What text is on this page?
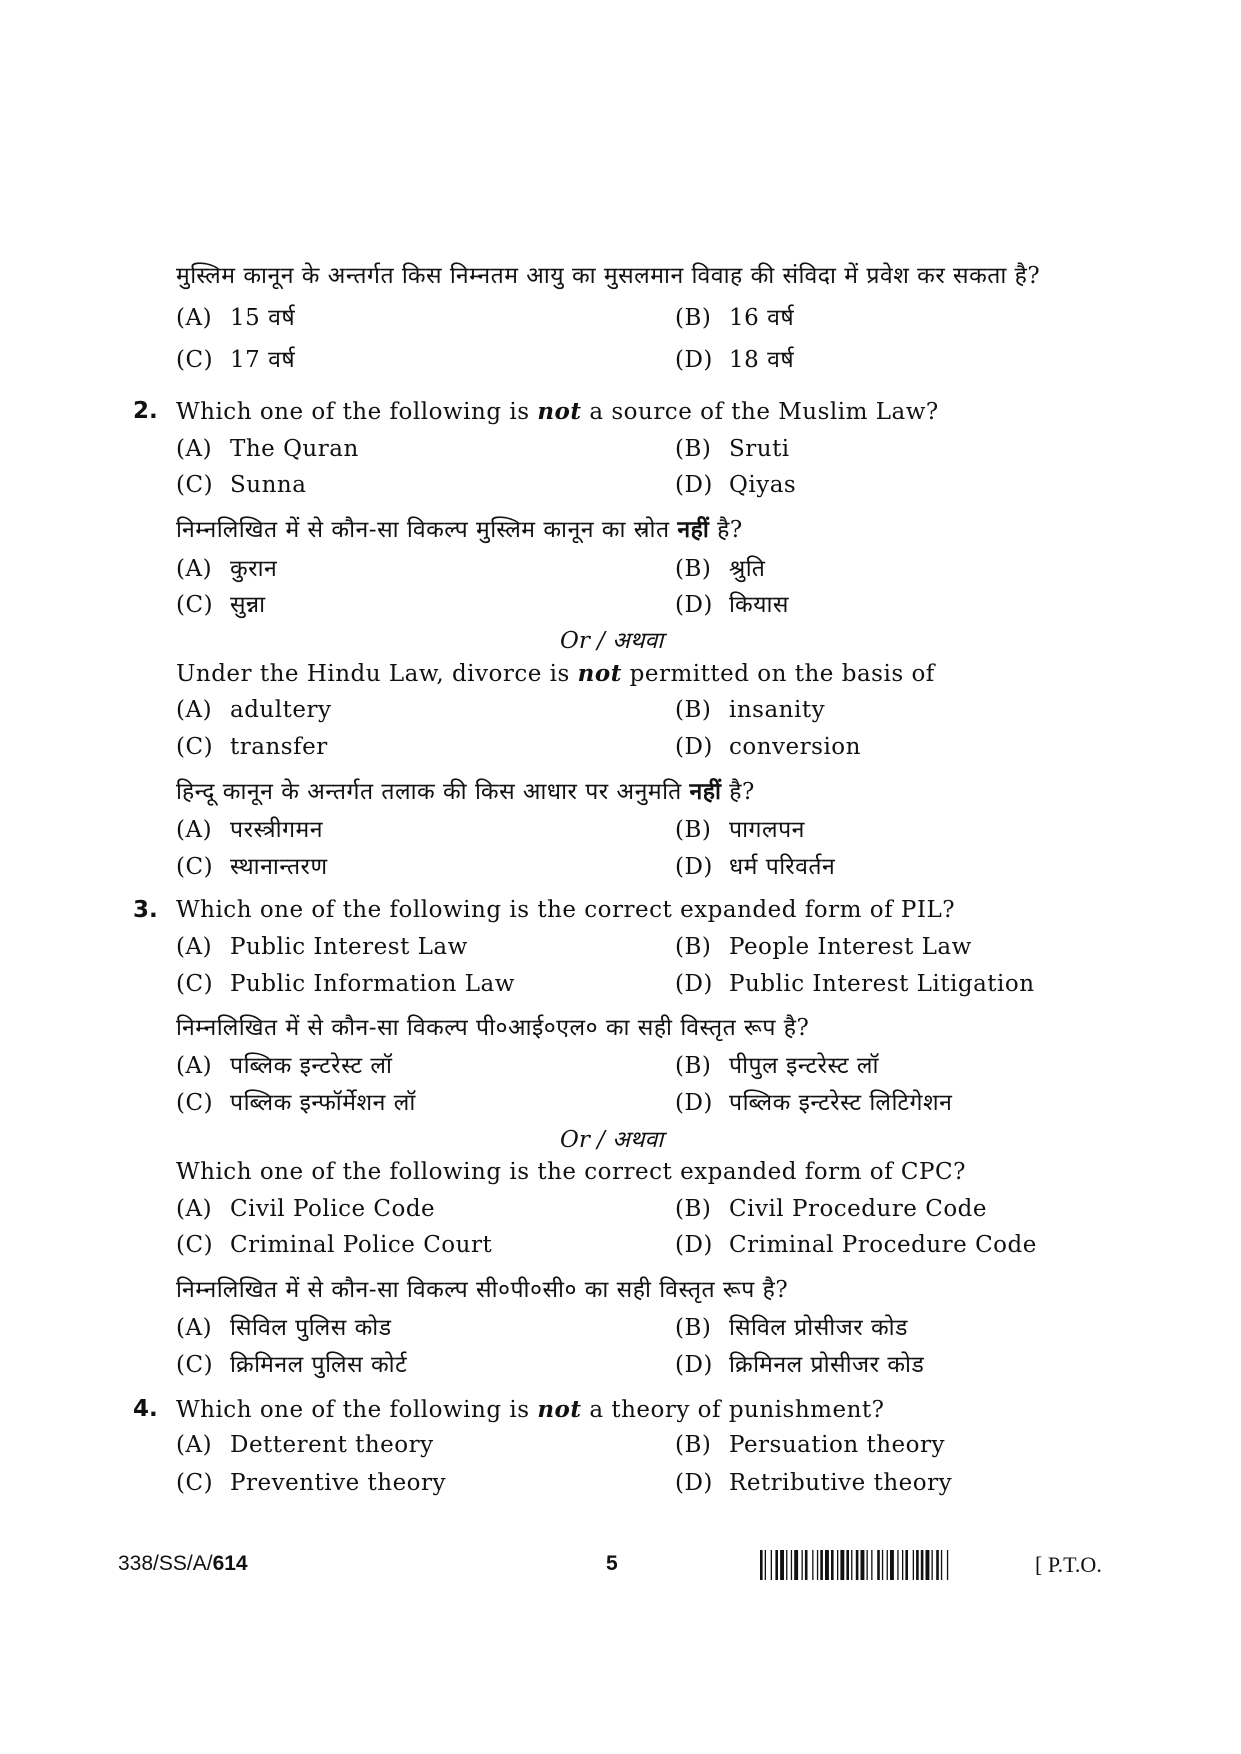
मुस्लिम कानून के अन्तर्गत किस निम्नतम आयु का मुसलमान विवाह की संविदा में प्रवेश कर सकता है?
(A) 15 वर्ष	(B) 16 वर्ष
(C) 17 वर्ष	(D) 18 वर्ष
2. Which one of the following is not a source of the Muslim Law?
(A) The Quran	(B) Sruti
(C) Sunna	(D) Qiyas
निम्नलिखित में से कौन-सा विकल्प मुस्लिम कानून का स्रोत नहीं है?
(A) कुरान	(B) श्रुति
(C) सुन्ना	(D) कियास
Or / अथवा
Under the Hindu Law, divorce is not permitted on the basis of
(A) adultery	(B) insanity
(C) transfer	(D) conversion
हिन्दू कानून के अन्तर्गत तलाक की किस आधार पर अनुमति नहीं है?
(A) परस्त्रीगमन	(B) पागलपन
(C) स्थानान्तरण	(D) धर्म परिवर्तन
3. Which one of the following is the correct expanded form of PIL?
(A) Public Interest Law	(B) People Interest Law
(C) Public Information Law	(D) Public Interest Litigation
निम्नलिखित में से कौन-सा विकल्प पी०आई०एल० का सही विस्तृत रूप है?
(A) पब्लिक इन्टरेस्ट लॉ	(B) पीपुल इन्टरेस्ट लॉ
(C) पब्लिक इन्फॉर्मेशन लॉ	(D) पब्लिक इन्टरेस्ट लिटिगेशन
Or / अथवा
Which one of the following is the correct expanded form of CPC?
(A) Civil Police Code	(B) Civil Procedure Code
(C) Criminal Police Court	(D) Criminal Procedure Code
निम्नलिखित में से कौन-सा विकल्प सी०पी०सी० का सही विस्तृत रूप है?
(A) सिविल पुलिस कोड	(B) सिविल प्रोसीजर कोड
(C) क्रिमिनल पुलिस कोर्ट	(D) क्रिमिनल प्रोसीजर कोड
4. Which one of the following is not a theory of punishment?
(A) Detterent theory	(B) Persuation theory
(C) Preventive theory	(D) Retributive theory
338/SS/A/614	5	[ P.T.O.
